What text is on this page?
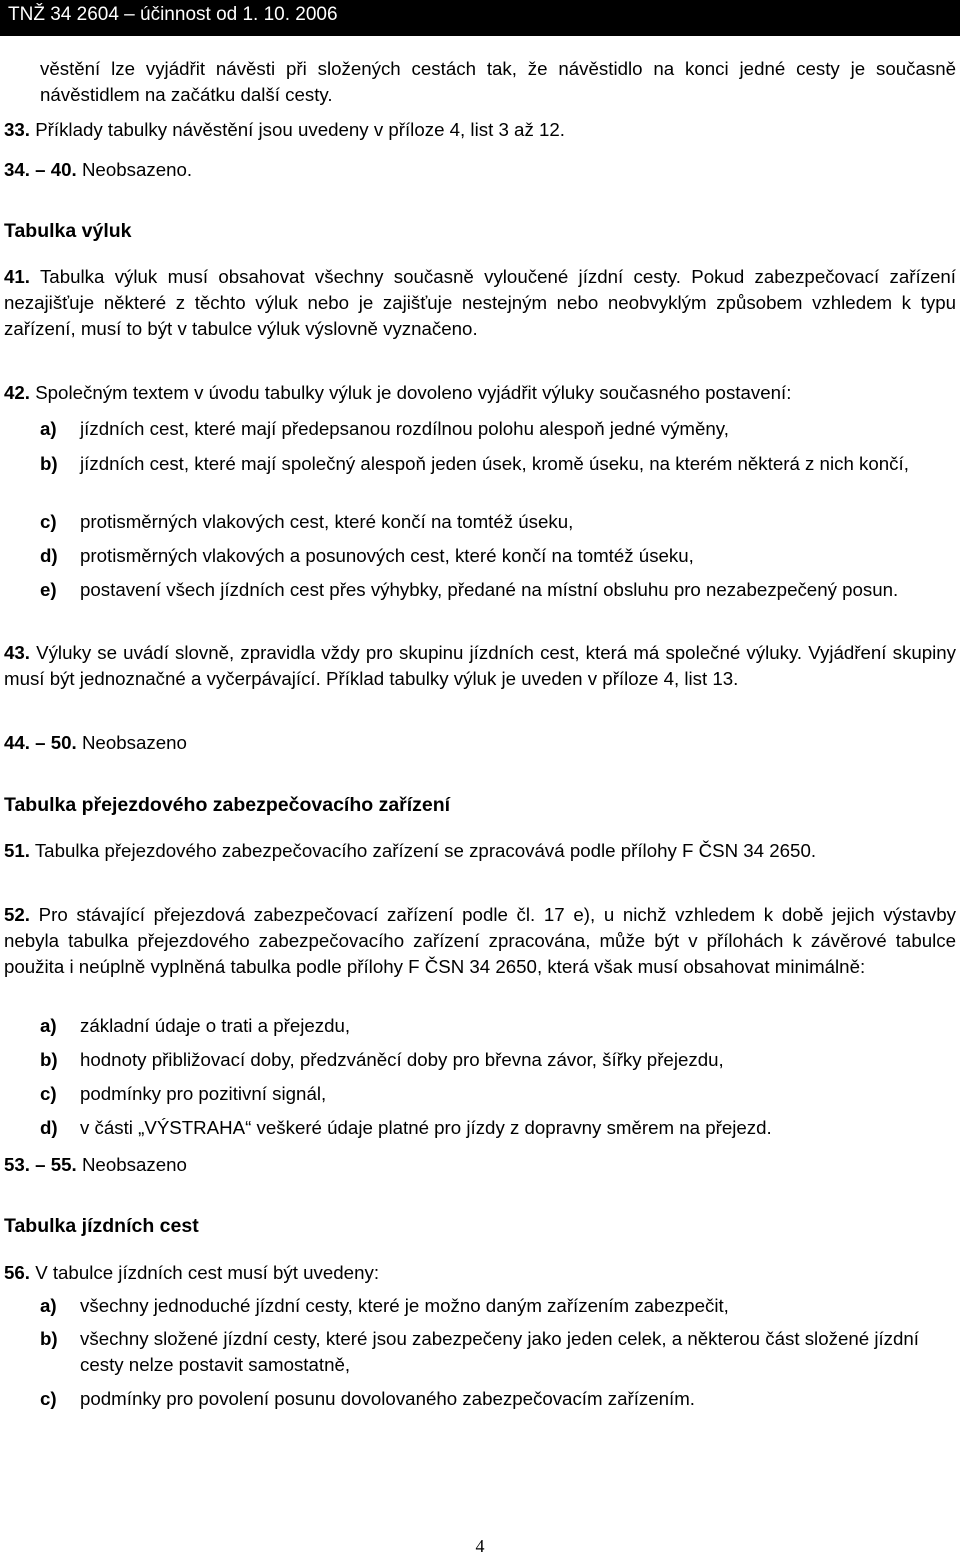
TNŽ 34 2604 – účinnost od 1. 10. 2006
věstění lze vyjádřit návěsti při složených cestách tak, že návěstidlo na konci jedné cesty je současně návěstidlem na začátku další cesty.
33. Příklady tabulky návěstění jsou uvedeny v příloze 4, list 3 až 12.
34. – 40. Neobsazeno.
Tabulka výluk
41. Tabulka výluk musí obsahovat všechny současně vyloučené jízdní cesty. Pokud zabezpečovací zařízení nezajišťuje některé z těchto výluk nebo je zajišťuje nestejným nebo neobvyklým způsobem vzhledem k typu zařízení, musí to být v tabulce výluk výslovně vyznačeno.
42. Společným textem v úvodu tabulky výluk je dovoleno vyjádřit výluky současného postavení:
a) jízdních cest, které mají předepsanou rozdílnou polohu alespoň jedné výměny,
b) jízdních cest, které mají společný alespoň jeden úsek, kromě úseku, na kterém některá z nich končí,
c) protisměrných vlakových cest, které končí na tomtéž úseku,
d) protisměrných vlakových a posunových cest, které končí na tomtéž úseku,
e) postavení všech jízdních cest přes výhybky, předané na místní obsluhu pro nezabezpečený posun.
43. Výluky se uvádí slovně, zpravidla vždy pro skupinu jízdních cest, která má společné výluky. Vyjádření skupiny musí být jednoznačné a vyčerpávající. Příklad tabulky výluk je uveden v příloze 4, list 13.
44. – 50. Neobsazeno
Tabulka přejezdového zabezpečovacího zařízení
51. Tabulka přejezdového zabezpečovacího zařízení se zpracovává podle přílohy F ČSN 34 2650.
52. Pro stávající přejezdová zabezpečovací zařízení podle čl. 17 e), u nichž vzhledem k době jejich výstavby nebyla tabulka přejezdového zabezpečovacího zařízení zpracována, může být v přílohách k závěrové tabulce použita i neúplně vyplněná tabulka podle přílohy F ČSN 34 2650, která však musí obsahovat minimálně:
a) základní údaje o trati a přejezdu,
b) hodnoty přibližovací doby, předzváněcí doby pro břevna závor, šířky přejezdu,
c) podmínky pro pozitivní signál,
d) v části „VÝSTRAHA“ veškeré údaje platné pro jízdy z dopravny směrem na přejezd.
53. – 55. Neobsazeno
Tabulka jízdních cest
56. V tabulce jízdních cest musí být uvedeny:
a) všechny jednoduché jízdní cesty, které je možno daným zařízením zabezpečit,
b) všechny složené jízdní cesty, které jsou zabezpečeny jako jeden celek, a některou část složené jízdní cesty nelze postavit samostatně,
c) podmínky pro povolení posunu dovolovaného zabezpečovacím zařízením.
4
